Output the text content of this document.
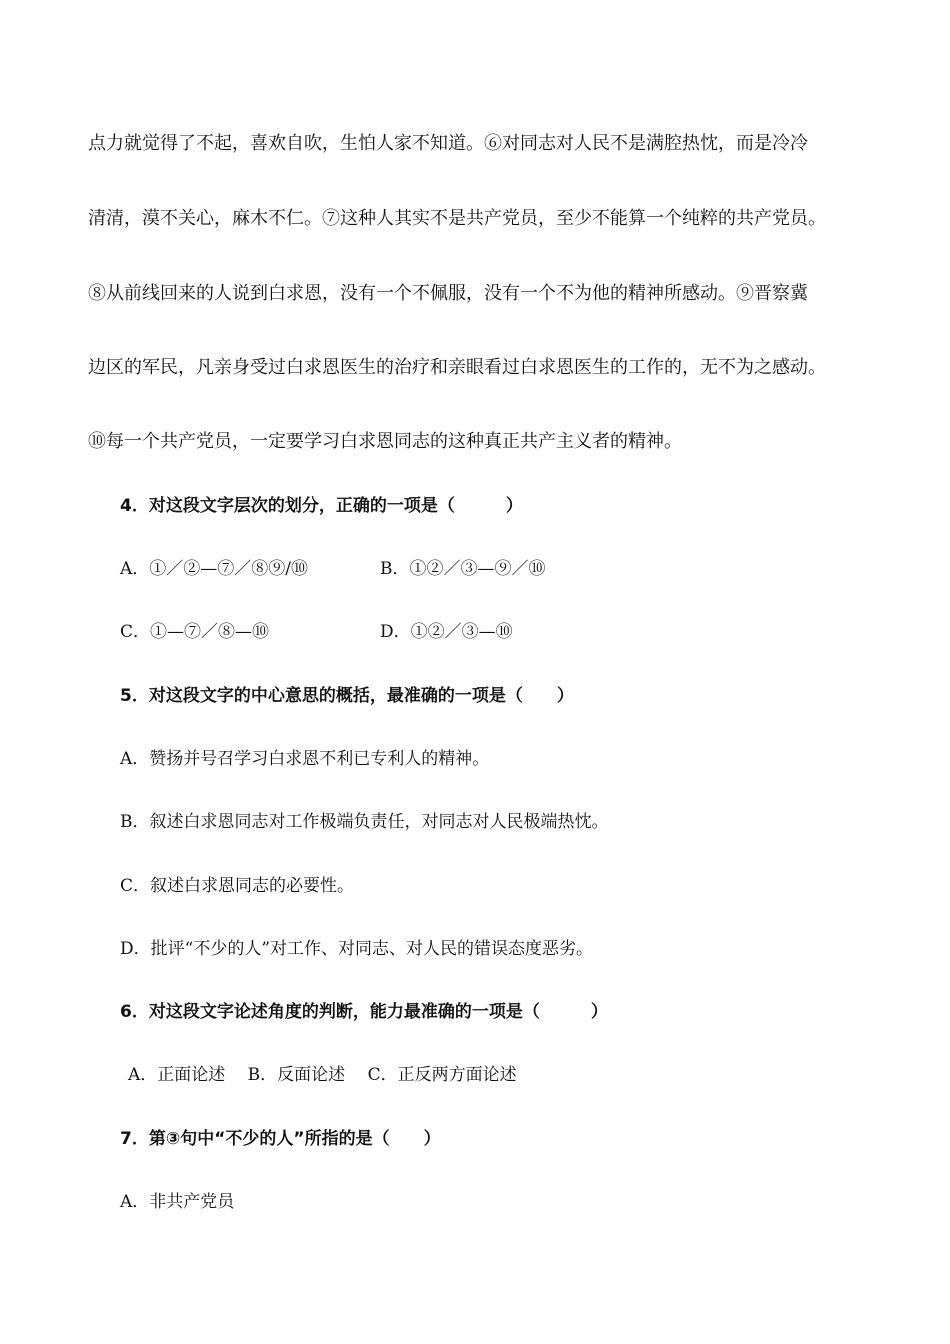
点力就觉得了不起，喜欢自吹，生怕人家不知道。⑥对同志对人民不是满腔热忱，而是冷冷
清清，漠不关心，麻木不仁。⑦这种人其实不是共产党员，至少不能算一个纯粹的共产党员。
⑧从前线回来的人说到白求恩，没有一个不佩服，没有一个不为他的精神所感动。⑨晋察冀
边区的军民，凡亲身受过白求恩医生的治疗和亲眼看过白求恩医生的工作的，无不为之感动。
⑩每一个共产党员，一定要学习白求恩同志的这种真正共产主义者的精神。
4．对这段文字层次的划分，正确的一项是（　　　）
A．①／②—⑦／⑧⑨/⑩	B．①②／③—⑨／⑩
C．①—⑦／⑧—⑩	D．①②／③—⑩
5．对这段文字的中心意思的概括，最准确的一项是（　　）
A．赞扬并号召学习白求恩不利已专利人的精神。
B．叙述白求恩同志对工作极端负责任，对同志对人民极端热忱。
C．叙述白求恩同志的必要性。
D．批评“不少的人”对工作、对同志、对人民的错误态度恶劣。
6．对这段文字论述角度的判断，能力最准确的一项是（　　　）
A．正面论述　 B．反面论述　 C．正反两方面论述
7．第③句中“不少的人”所指的是（　　）
A．非共产党员
